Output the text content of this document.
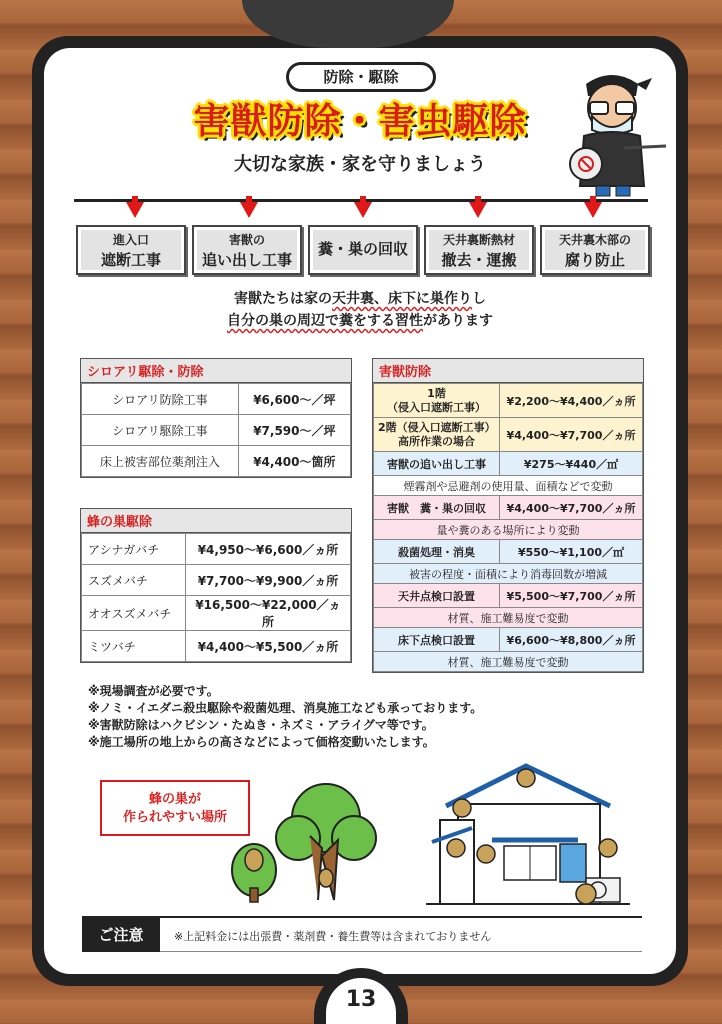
防除・駆除
害獣防除・害虫駆除
大切な家族・家を守りましょう
進入口
遮断工事
害獣の
追い出し工事
糞・巣の回収	天井裏断熱材
撤去・運搬
天井裏木部の
腐り防止
害獣たちは家の天井裏、床下に巣作りし
自分の巣の周辺で糞をする習性があります
シロアリ駆除・防除
シロアリ防除工事	¥6,600～／坪
シロアリ駆除工事	¥7,590～／坪
床上被害部位薬剤注入	¥4,400～箇所
蜂の巣駆除
アシナガバチ	¥4,950～¥6,600／ヵ所
スズメバチ	¥7,700～¥9,900／ヵ所
オオスズメバチ	¥16,500～¥22,000／ヵ所
ミツバチ	¥4,400～¥5,500／ヵ所
害獣防除
1階
（侵入口遮断工事）	¥2,200～¥4,400／ヵ所

2階（侵入口遮断工事）
高所作業の場合	¥4,400～¥7,700／ヵ所
害獣の追い出し工事	¥275～¥440／㎡
煙霧剤や忌避剤の使用量、面積などで変動	
害獣　糞・巣の回収	¥4,400～¥7,700／ヵ所
量や糞のある場所により変動	
殺菌処理・消臭	¥550～¥1,100／㎡
被害の程度・面積により消毒回数が増減	
天井点検口設置	¥5,500～¥7,700／ヵ所
材質、施工難易度で変動	
床下点検口設置	¥6,600～¥8,800／ヵ所
材質、施工難易度で変動	
※現場調査が必要です。
※ノミ・イエダニ殺虫駆除や殺菌処理、消臭施工なども承っております。
※害獣防除はハクビシン・たぬき・ネズミ・アライグマ等です。
※施工場所の地上からの高さなどによって価格変動いたします。
蜂の巣が
作られやすい場所
ご注意	※上記料金には出張費・薬剤費・養生費等は含まれておりません
13
